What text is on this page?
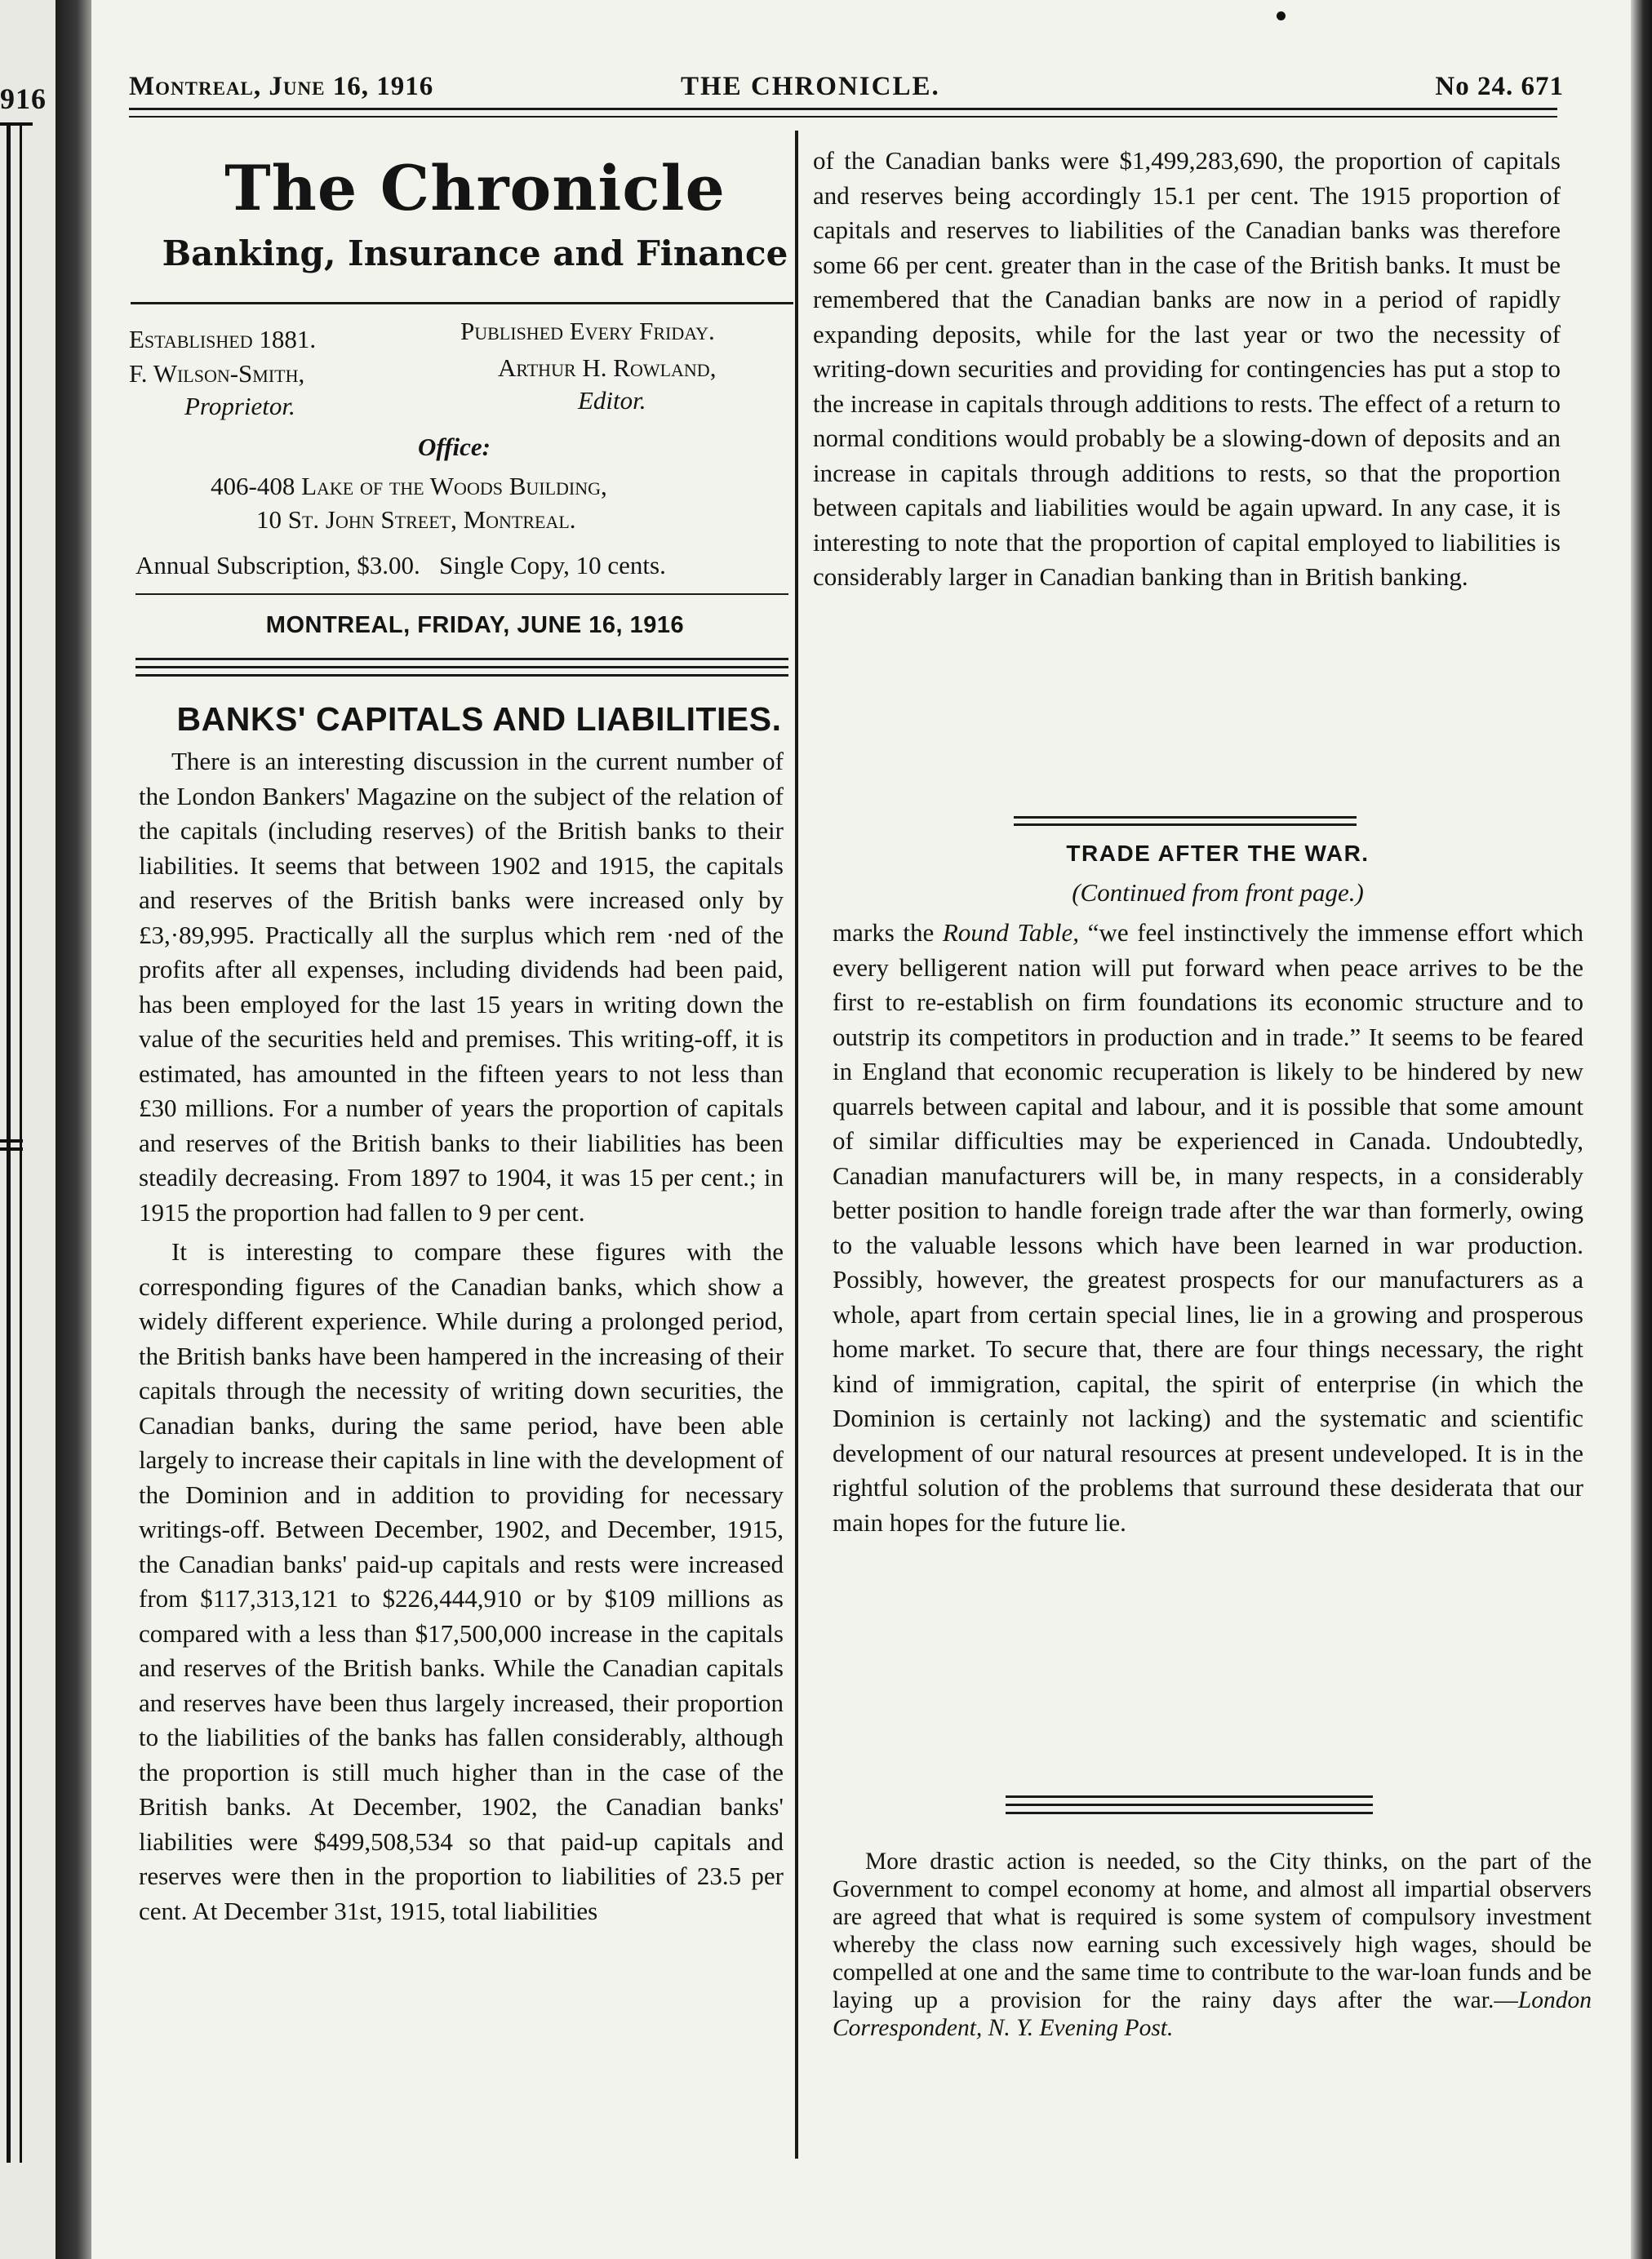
916	Montreal, June 16, 1916	THE CHRONICLE.	No 24. 671
The Chronicle
Banking, Insurance and Finance
Established 1881.
F. Wilson-Smith,
Proprietor.
Published Every Friday.
Arthur H. Rowland,
Editor.
Office:
406-408 Lake of the Woods Building,
10 St. John Street, Montreal.
Annual Subscription, $3.00.   Single Copy, 10 cents.
MONTREAL, FRIDAY, JUNE 16, 1916
BANKS' CAPITALS AND LIABILITIES.

There is an interesting discussion in the current number of the London Bankers' Magazine on the subject of the relation of the capitals (including reserves) of the British banks to their liabilities. It seems that between 1902 and 1915, the capitals and reserves of the British banks were increased only by £3,·89,995. Practically all the surplus which rem ·ned of the profits after all expenses, including dividends had been paid, has been employed for the last 15 years in writing down the value of the securities held and premises. This writing-off, it is estimated, has amounted in the fifteen years to not less than £30 millions. For a number of years the proportion of capitals and reserves of the British banks to their liabilities has been steadily decreasing. From 1897 to 1904, it was 15 per cent.; in 1915 the proportion had fallen to 9 per cent.

It is interesting to compare these figures with the corresponding figures of the Canadian banks, which show a widely different experience. While during a prolonged period, the British banks have been hampered in the increasing of their capitals through the necessity of writing down securities, the Canadian banks, during the same period, have been able largely to increase their capitals in line with the development of the Dominion and in addition to providing for necessary writings-off. Between December, 1902, and December, 1915, the Canadian banks' paid-up capitals and rests were increased from $117,313,121 to $226,444,910 or by $109 millions as compared with a less than $17,500,000 increase in the capitals and reserves of the British banks. While the Canadian capitals and reserves have been thus largely increased, their proportion to the liabilities of the banks has fallen considerably, although the proportion is still much higher than in the case of the British banks. At December, 1902, the Canadian banks' liabilities were $499,508,534 so that paid-up capitals and reserves were then in the proportion to liabilities of 23.5 per cent. At December 31st, 1915, total liabilities

of the Canadian banks were $1,499,283,690, the proportion of capitals and reserves being accordingly 15.1 per cent. The 1915 proportion of capitals and reserves to liabilities of the Canadian banks was therefore some 66 per cent. greater than in the case of the British banks. It must be remembered that the Canadian banks are now in a period of rapidly expanding deposits, while for the last year or two the necessity of writing-down securities and providing for contingencies has put a stop to the increase in capitals through additions to rests. The effect of a return to normal conditions would probably be a slowing-down of deposits and an increase in capitals through additions to rests, so that the proportion between capitals and liabilities would be again upward. In any case, it is interesting to note that the proportion of capital employed to liabilities is considerably larger in Canadian banking than in British banking.

TRADE AFTER THE WAR.
(Continued from front page.)

marks the Round Table, “we feel instinctively the immense effort which every belligerent nation will put forward when peace arrives to be the first to re-establish on firm foundations its economic structure and to outstrip its competitors in production and in trade.” It seems to be feared in England that economic recuperation is likely to be hindered by new quarrels between capital and labour, and it is possible that some amount of similar difficulties may be experienced in Canada. Undoubtedly, Canadian manufacturers will be, in many respects, in a considerably better position to handle foreign trade after the war than formerly, owing to the valuable lessons which have been learned in war production. Possibly, however, the greatest prospects for our manufacturers as a whole, apart from certain special lines, lie in a growing and prosperous home market. To secure that, there are four things necessary, the right kind of immigration, capital, the spirit of enterprise (in which the Dominion is certainly not lacking) and the systematic and scientific development of our natural resources at present undeveloped. It is in the rightful solution of the problems that surround these desiderata that our main hopes for the future lie.

More drastic action is needed, so the City thinks, on the part of the Government to compel economy at home, and almost all impartial observers are agreed that what is required is some system of compulsory investment whereby the class now earning such excessively high wages, should be compelled at one and the same time to contribute to the war-loan funds and be laying up a provision for the rainy days after the war.—London Correspondent, N. Y. Evening Post.
